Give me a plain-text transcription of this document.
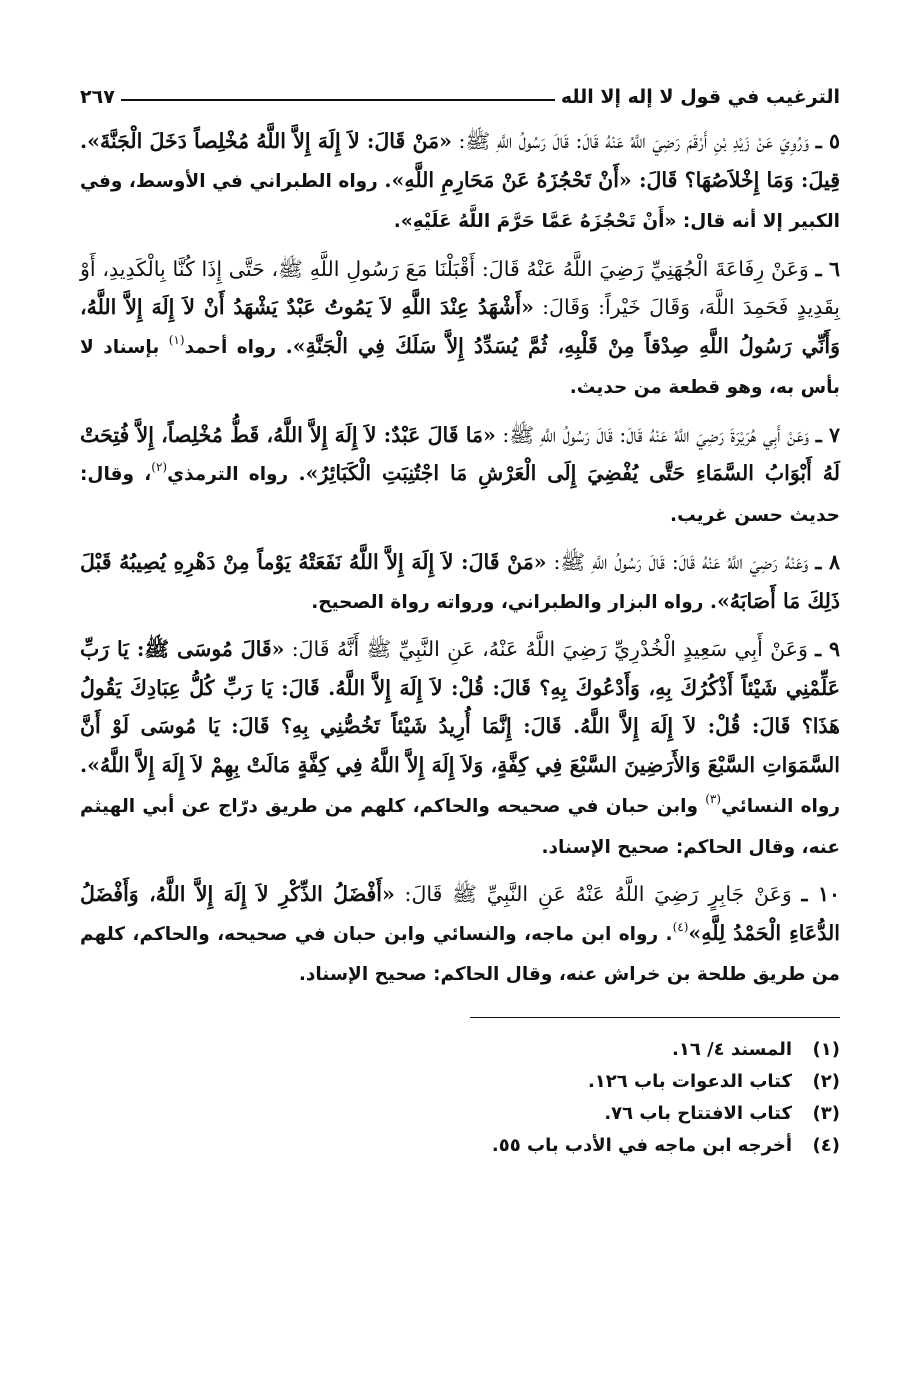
الترغيب في قول لا إله إلا الله
٢٦٧

٥ ـ وَرُوِيَ عَنْ زَيْدِ بْنِ أَرْقَمَ رَضِيَ اللَّهُ عَنْهُ قَالَ: قَالَ رَسُولُ اللَّهِ ﷺ: «مَنْ قَالَ: لاَ إِلَهَ إِلاَّ اللَّهُ مُخْلِصاً دَخَلَ الْجَنَّةَ». قِيلَ: وَمَا إِخْلاَصُهَا؟ قَالَ: «أَنْ تَحْجُزَهُ عَنْ مَحَارِمِ اللَّهِ». رواه الطبراني في الأوسط، وفي الكبير إلا أنه قال: «أَنْ تَحْجُزَهُ عَمَّا حَرَّمَ اللَّهُ عَلَيْهِ».

٦ ـ وَعَنْ رِفَاعَةَ الْجُهَنِيِّ رَضِيَ اللَّهُ عَنْهُ قَالَ: أَقْبَلْنَا مَعَ رَسُولِ اللَّهِ ﷺ، حَتَّى إِذَا كُنَّا بِالْكَدِيدِ، أَوْ بِقَدِيدٍ فَحَمِدَ اللَّهَ، وَقَالَ خَيْراً: وَقَالَ: «أَشْهَدُ عِنْدَ اللَّهِ لاَ يَمُوتُ عَبْدٌ يَشْهَدُ أَنْ لاَ إِلَهَ إِلاَّ اللَّهُ، وَأَنِّي رَسُولُ اللَّهِ صِدْقاً مِنْ قَلْبِهِ، ثُمَّ يُسَدِّدُ إِلاَّ سَلَكَ فِي الْجَنَّةِ». رواه أحمد$^{(١)}$ بإسناد لا بأس به، وهو قطعة من حديث.

٧ ـ وَعَنْ أَبِي هُرَيْرَةَ رَضِيَ اللَّهُ عَنْهُ قَالَ: قَالَ رَسُولُ اللَّهِ ﷺ: «مَا قَالَ عَبْدٌ: لاَ إِلَهَ إِلاَّ اللَّهُ، قَطُّ مُخْلِصاً، إِلاَّ فُتِحَتْ لَهُ أَبْوَابُ السَّمَاءِ حَتَّى يُفْضِيَ إِلَى الْعَرْشِ مَا اجْتُنِبَتِ الْكَبَائِرُ». رواه الترمذي$^{(٢)}$، وقال: حديث حسن غريب.

٨ ـ وَعَنْهُ رَضِيَ اللَّهُ عَنْهُ قَالَ: قَالَ رَسُولُ اللَّهِ ﷺ: «مَنْ قَالَ: لاَ إِلَهَ إِلاَّ اللَّهُ نَفَعَتْهُ يَوْماً مِنْ دَهْرِهِ يُصِيبُهُ قَبْلَ ذَلِكَ مَا أَصَابَهُ». رواه البزار والطبراني، ورواته رواة الصحيح.

٩ ـ وَعَنْ أَبِي سَعِيدٍ الْخُدْرِيِّ رَضِيَ اللَّهُ عَنْهُ، عَنِ النَّبِيِّ ﷺ أَنَّهُ قَالَ: «قَالَ مُوسَى ﷺ: يَا رَبِّ عَلِّمْنِي شَيْئاً أَذْكُرُكَ بِهِ، وَأَدْعُوكَ بِهِ؟ قَالَ: قُلْ: لاَ إِلَهَ إِلاَّ اللَّهُ. قَالَ: يَا رَبِّ كُلُّ عِبَادِكَ يَقُولُ هَذَا؟ قَالَ: قُلْ: لاَ إِلَهَ إِلاَّ اللَّهُ. قَالَ: إِنَّمَا أُرِيدُ شَيْئاً تَخُصُّنِي بِهِ؟ قَالَ: يَا مُوسَى لَوْ أَنَّ السَّمَوَاتِ السَّبْعَ وَالأَرَضِينَ السَّبْعَ فِي كِفَّةٍ، وَلاَ إِلَهَ إِلاَّ اللَّهُ فِي كِفَّةٍ مَالَتْ بِهِمْ لاَ إِلَهَ إِلاَّ اللَّهُ». رواه النسائي$^{(٣)}$ وابن حبان في صحيحه والحاكم، كلهم من طريق درّاج عن أبي الهيثم عنه، وقال الحاكم: صحيح الإسناد.

١٠ ـ وَعَنْ جَابِرٍ رَضِيَ اللَّهُ عَنْهُ عَنِ النَّبِيِّ ﷺ قَالَ: «أَفْضَلُ الذِّكْرِ لاَ إِلَهَ إِلاَّ اللَّهُ، وَأَفْضَلُ الدُّعَاءِ الْحَمْدُ لِلَّهِ»$^{(٤)}$. رواه ابن ماجه، والنسائي وابن حبان في صحيحه، والحاكم، كلهم من طريق طلحة بن خراش عنه، وقال الحاكم: صحيح الإسناد.

(١)
المسند ٤/ ١٦.
(٢)
كتاب الدعوات باب ١٢٦.
(٣)
كتاب الافتتاح باب ٧٦.
(٤)
أخرجه ابن ماجه في الأدب باب ٥٥.
